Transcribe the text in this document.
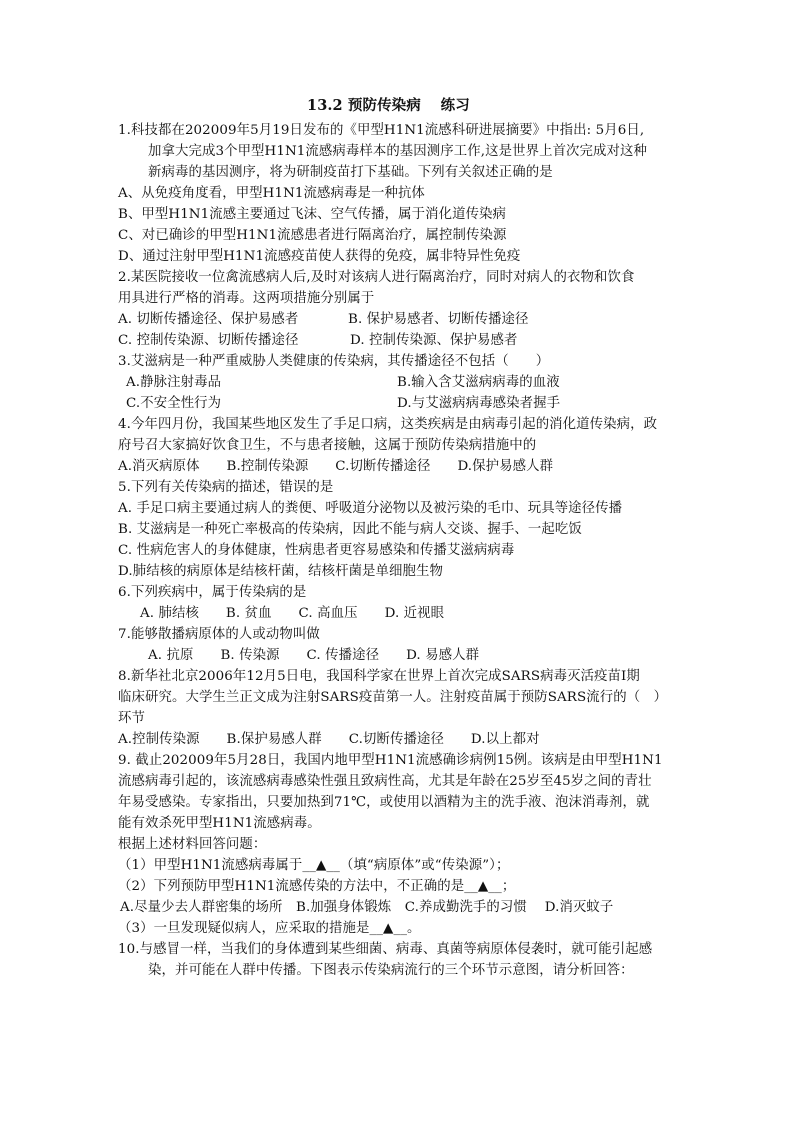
13.2 预防传染病　 练习
1.科技都在202009年5月19日发布的《甲型H1N1流感科研进展摘要》中指出: 5月6日,
加拿大完成3个甲型H1N1流感病毒样本的基因测序工作,这是世界上首次完成对这种
新病毒的基因测序，将为研制疫苗打下基础。下列有关叙述正确的是
A、从免疫角度看，甲型H1N1流感病毒是一种抗体
B、甲型H1N1流感主要通过飞沫、空气传播，属于消化道传染病
C、对已确诊的甲型H1N1流感患者进行隔离治疗，属控制传染源
D、通过注射甲型H1N1流感疫苗使人获得的免疫，属非特异性免疫
2.某医院接收一位禽流感病人后,及时对该病人进行隔离治疗，同时对病人的衣物和饮食
用具进行严格的消毒。这两项措施分别属于
A. 切断传播途径、保护易感者	B. 保护易感者、切断传播途径
C. 控制传染源、切断传播途径	D. 控制传染源、保护易感者
3.艾滋病是一种严重威胁人类健康的传染病，其传播途径不包括（　　）
A.静脉注射毒品	B.输入含艾滋病病毒的血液
C.不安全性行为	D.与艾滋病病毒感染者握手
4.今年四月份，我国某些地区发生了手足口病，这类疾病是由病毒引起的消化道传染病，政
府号召大家搞好饮食卫生，不与患者接触，这属于预防传染病措施中的
A.消灭病原体　　B.控制传染源　　C.切断传播途径　　D.保护易感人群
5.下列有关传染病的描述，错误的是
A. 手足口病主要通过病人的粪便、呼吸道分泌物以及被污染的毛巾、玩具等途径传播
B. 艾滋病是一种死亡率极高的传染病，因此不能与病人交谈、握手、一起吃饭
C. 性病危害人的身体健康，性病患者更容易感染和传播艾滋病病毒
D.肺结核的病原体是结核杆菌，结核杆菌是单细胞生物
6.下列疾病中，属于传染病的是
A. 肺结核　　B. 贫血　　C. 高血压　　D. 近视眼
7.能够散播病原体的人或动物叫做
A. 抗原　　B. 传染源　　C. 传播途径　　D. 易感人群
8.新华社北京2006年12月5日电，我国科学家在世界上首次完成SARS病毒灭活疫苗Ⅰ期
临床研究。大学生兰正文成为注射SARS疫苗第一人。注射疫苗属于预防SARS流行的（　）
环节
A.控制传染源　　B.保护易感人群　　C.切断传播途径　　D.以上都对
9. 截止202009年5月28日，我国内地甲型H1N1流感确诊病例15例。该病是由甲型H1N1
流感病毒引起的，该流感病毒感染性强且致病性高，尤其是年龄在25岁至45岁之间的青壮
年易受感染。专家指出，只要加热到71℃，或使用以酒精为主的洗手液、泡沫消毒剂，就
能有效杀死甲型H1N1流感病毒。
根据上述材料回答问题：
（1）甲型H1N1流感病毒属于__▲__（填“病原体”或“传染源”）；
（2）下列预防甲型H1N1流感传染的方法中，不正确的是__▲__；
A.尽量少去人群密集的场所　B.加强身体锻炼　C.养成勤洗手的习惯　 D.消灭蚊子
（3）一旦发现疑似病人，应采取的措施是__▲__。
10.与感冒一样，当我们的身体遭到某些细菌、病毒、真菌等病原体侵袭时，就可能引起感
染，并可能在人群中传播。下图表示传染病流行的三个环节示意图，请分析回答：
